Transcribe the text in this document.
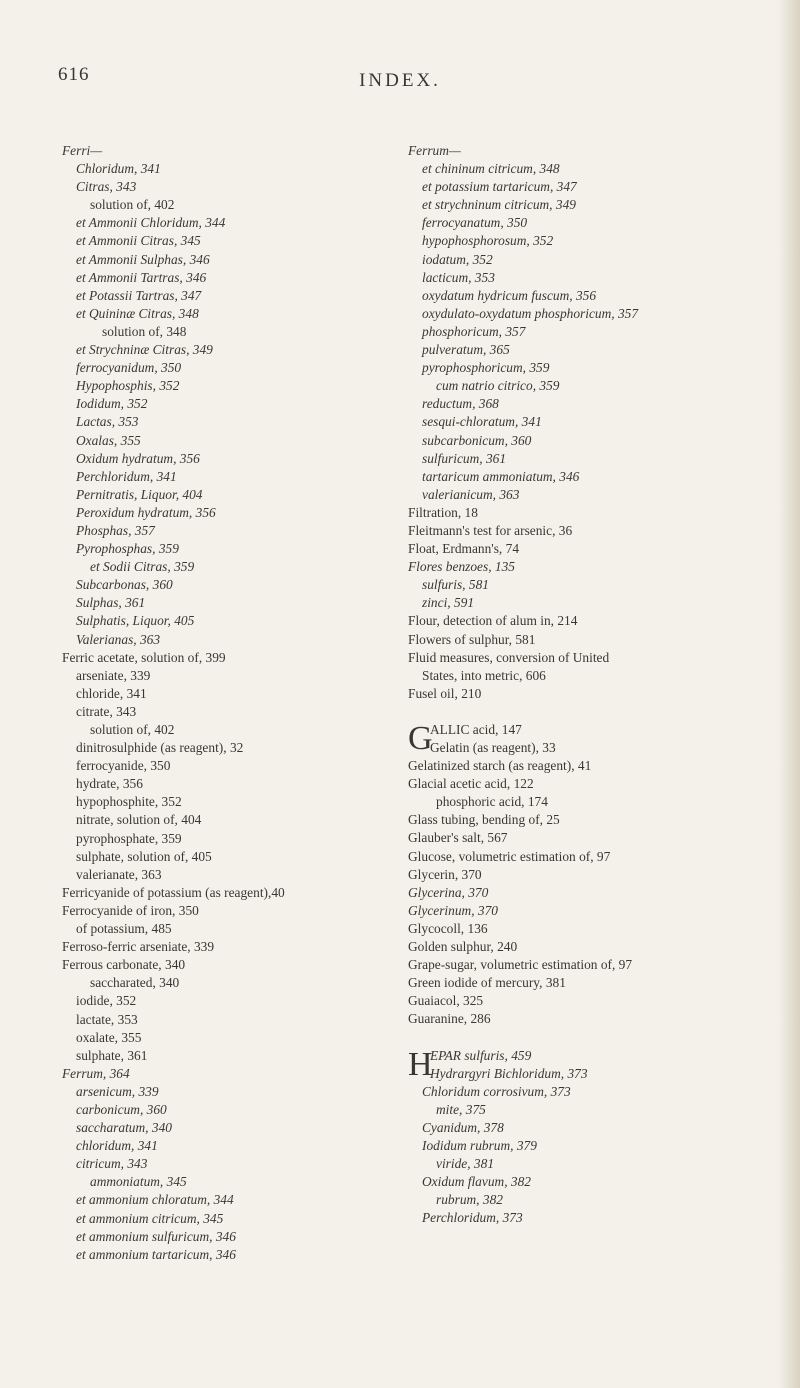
616	INDEX.
Ferri—
Chloridum, 341
Citras, 343
solution of, 402
et Ammonii Chloridum, 344
et Ammonii Citras, 345
et Ammonii Sulphas, 346
et Ammonii Tartras, 346
et Potassii Tartras, 347
et Quininæ Citras, 348
solution of, 348
et Strychninæ Citras, 349
ferrocyanidum, 350
Hypophosphis, 352
Iodidum, 352
Lactas, 353
Oxalas, 355
Oxidum hydratum, 356
Perchloridum, 341
Pernitratis, Liquor, 404
Peroxidum hydratum, 356
Phosphas, 357
Pyrophosphas, 359
et Sodii Citras, 359
Subcarbonas, 360
Sulphas, 361
Sulphatis, Liquor, 405
Valerianas, 363
Ferric acetate, solution of, 399
arseniate, 339
chloride, 341
citrate, 343
solution of, 402
dinitrosulphide (as reagent), 32
ferrocyanide, 350
hydrate, 356
hypophosphite, 352
nitrate, solution of, 404
pyrophosphate, 359
sulphate, solution of, 405
valerianate, 363
Ferricyanide of potassium (as reagent),40
Ferrocyanide of iron, 350
of potassium, 485
Ferroso-ferric arseniate, 339
Ferrous carbonate, 340
saccharated, 340
iodide, 352
lactate, 353
oxalate, 355
sulphate, 361
Ferrum, 364
arsenicum, 339
carbonicum, 360
saccharatum, 340
chloridum, 341
citricum, 343
ammoniatum, 345
et ammonium chloratum, 344
et ammonium citricum, 345
et ammonium sulfuricum, 346
et ammonium tartaricum, 346
Ferrum—
et chininum citricum, 348
et potassium tartaricum, 347
et strychninum citricum, 349
ferrocyanatum, 350
hypophosphorosum, 352
iodatum, 352
lacticum, 353
oxydatum hydricum fuscum, 356
oxydulato-oxydatum phosphoricum, 357
phosphoricum, 357
pulveratum, 365
pyrophosphoricum, 359
cum natrio citrico, 359
reductum, 368
sesqui-chloratum, 341
subcarbonicum, 360
sulfuricum, 361
tartaricum ammoniatum, 346
valerianicum, 363
Filtration, 18
Fleitmann's test for arsenic, 36
Float, Erdmann's, 74
Flores benzoes, 135
sulfuris, 581
zinci, 591
Flour, detection of alum in, 214
Flowers of sulphur, 581
Fluid measures, conversion of United
States, into metric, 606
Fusel oil, 210
G
ALLIC acid, 147
Gelatin (as reagent), 33
Gelatinized starch (as reagent), 41
Glacial acetic acid, 122
phosphoric acid, 174
Glass tubing, bending of, 25
Glauber's salt, 567
Glucose, volumetric estimation of, 97
Glycerin, 370
Glycerina, 370
Glycerinum, 370
Glycocoll, 136
Golden sulphur, 240
Grape-sugar, volumetric estimation of, 97
Green iodide of mercury, 381
Guaiacol, 325
Guaranine, 286
H
EPAR sulfuris, 459
Hydrargyri Bichloridum, 373
Chloridum corrosivum, 373
mite, 375
Cyanidum, 378
Iodidum rubrum, 379
viride, 381
Oxidum flavum, 382
rubrum, 382
Perchloridum, 373
